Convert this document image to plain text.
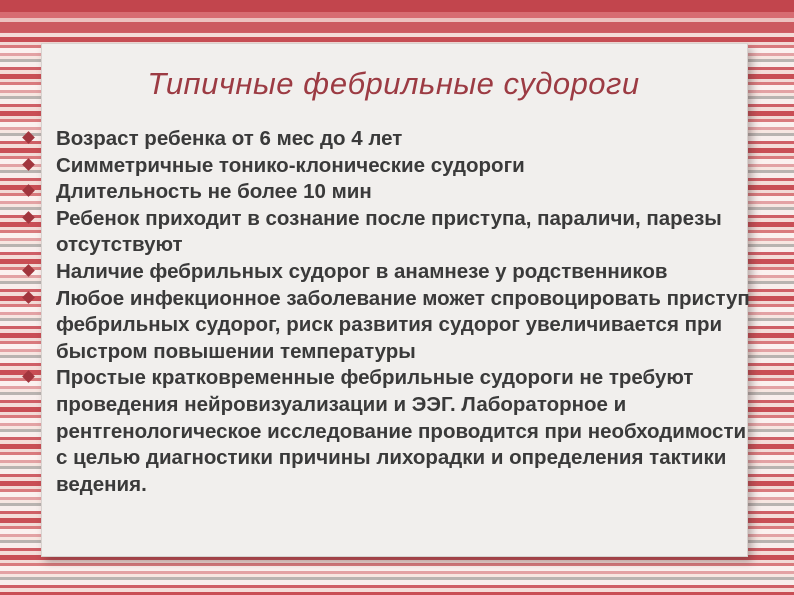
Типичные фебрильные судороги
Возраст ребенка от 6 мес до 4 лет
Симметричные тонико-клонические судороги
Длительность не более 10 мин
Ребенок приходит в сознание после приступа, параличи, парезы отсутствуют
Наличие фебрильных судорог в анамнезе у родственников
Любое инфекционное заболевание может спровоцировать приступ фебрильных судорог, риск развития судорог увеличивается при быстром повышении температуры
Простые кратковременные фебрильные судороги не требуют проведения нейровизуализации и ЭЭГ. Лабораторное и рентгенологическое исследование проводится при необходимости с целью диагностики причины лихорадки и определения тактики ведения.
